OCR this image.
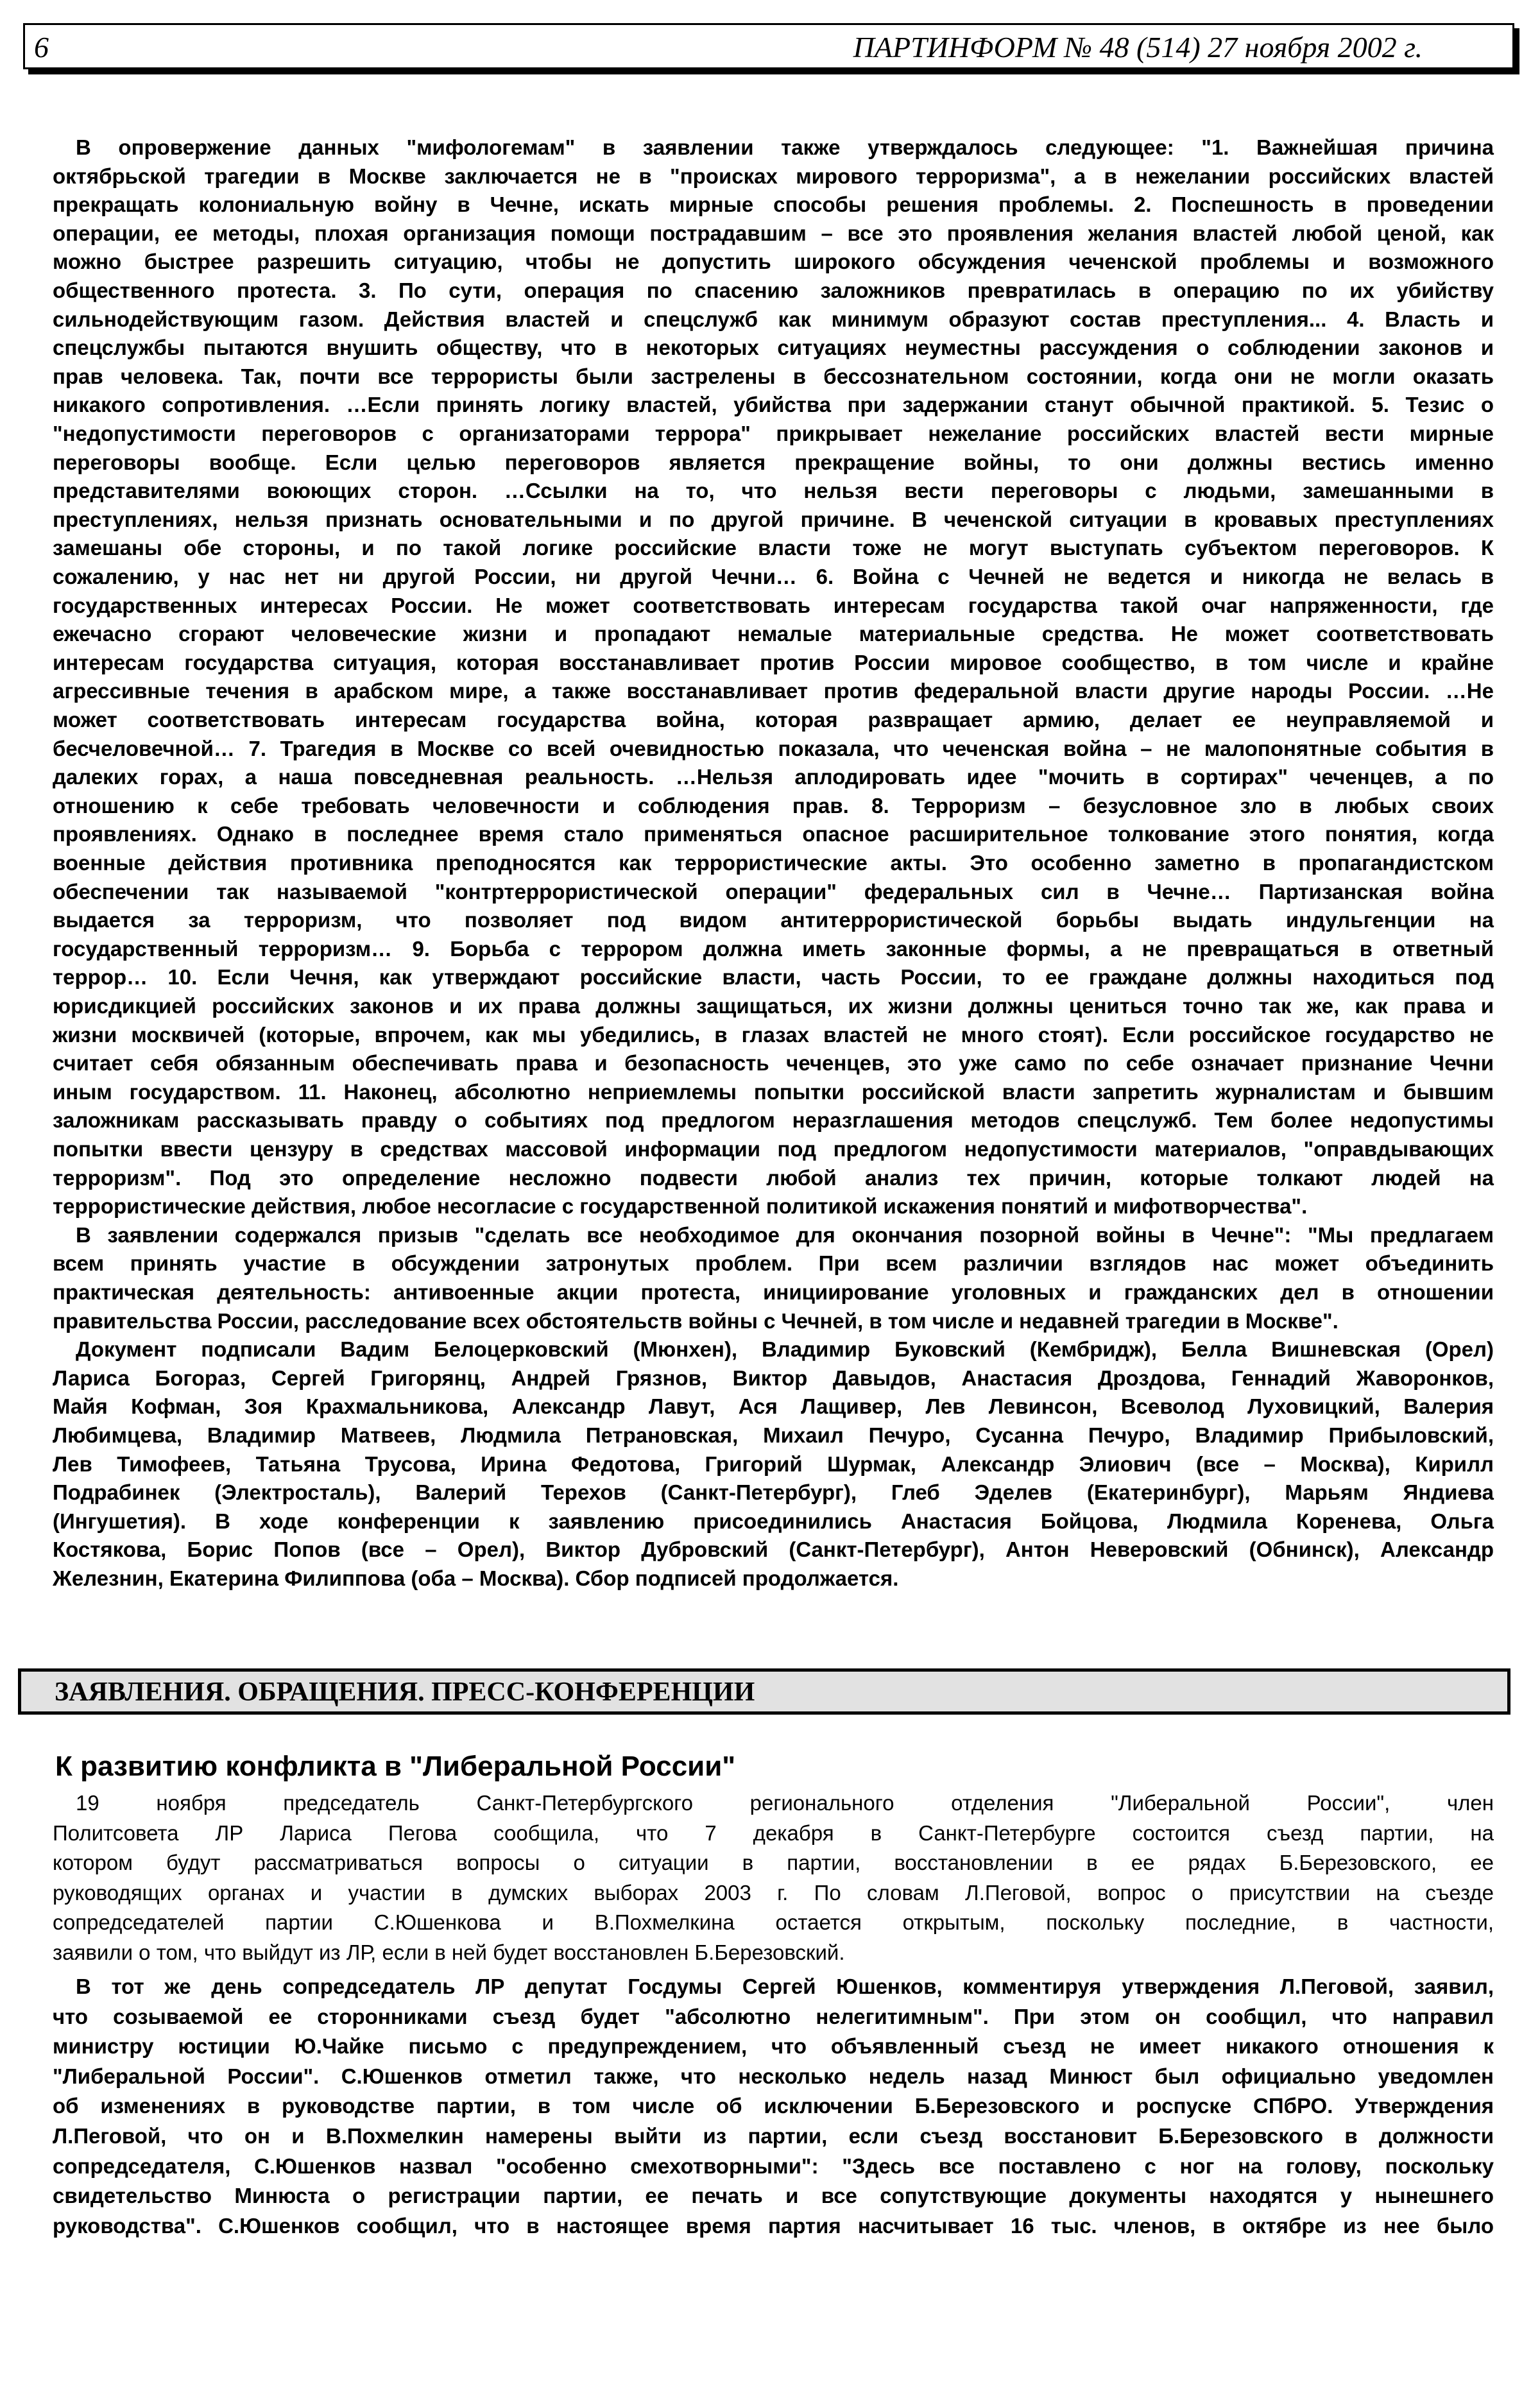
6	ПАРТИНФОРМ № 48 (514) 27 ноября 2002 г.
В опровержение данных "мифологемам" в заявлении также утверждалось следующее: "1. Важнейшая причина
октябрьской трагедии в Москве заключается не в "происках мирового терроризма", а в нежелании российских властей
прекращать колониальную войну в Чечне, искать мирные способы решения проблемы. 2. Поспешность в проведении
операции, ее методы, плохая организация помощи пострадавшим – все это проявления желания властей любой ценой, как
можно быстрее разрешить ситуацию, чтобы не допустить широкого обсуждения чеченской проблемы и возможного
общественного протеста. 3. По сути, операция по спасению заложников превратилась в операцию по их убийству
сильнодействующим газом. Действия властей и спецслужб как минимум образуют состав преступления... 4. Власть и
спецслужбы пытаются внушить обществу, что в некоторых ситуациях неуместны рассуждения о соблюдении законов и
прав человека. Так, почти все террористы были застрелены в бессознательном состоянии, когда они не могли оказать
никакого сопротивления. …Если принять логику властей, убийства при задержании станут обычной практикой. 5. Тезис о
"недопустимости переговоров с организаторами террора" прикрывает нежелание российских властей вести мирные
переговоры вообще. Если целью переговоров является прекращение войны, то они должны вестись именно
представителями воюющих сторон. …Ссылки на то, что нельзя вести переговоры с людьми, замешанными в
преступлениях, нельзя признать основательными и по другой причине. В чеченской ситуации в кровавых преступлениях
замешаны обе стороны, и по такой логике российские власти тоже не могут выступать субъектом переговоров. К
сожалению, у нас нет ни другой России, ни другой Чечни… 6. Война с Чечней не ведется и никогда не велась в
государственных интересах России. Не может соответствовать интересам государства такой очаг напряженности, где
ежечасно сгорают человеческие жизни и пропадают немалые материальные средства. Не может соответствовать
интересам государства ситуация, которая восстанавливает против России мировое сообщество, в том числе и крайне
агрессивные течения в арабском мире, а также восстанавливает против федеральной власти другие народы России. …Не
может соответствовать интересам государства война, которая развращает армию, делает ее неуправляемой и
бесчеловечной… 7. Трагедия в Москве со всей очевидностью показала, что чеченская война – не малопонятные события в
далеких горах, а наша повседневная реальность. …Нельзя аплодировать идее "мочить в сортирах" чеченцев, а по
отношению к себе требовать человечности и соблюдения прав. 8. Терроризм – безусловное зло в любых своих
проявлениях. Однако в последнее время стало применяться опасное расширительное толкование этого понятия, когда
военные действия противника преподносятся как террористические акты. Это особенно заметно в пропагандистском
обеспечении так называемой "контртеррористической операции" федеральных сил в Чечне… Партизанская война
выдается за терроризм, что позволяет под видом антитеррористической борьбы выдать индульгенции на
государственный терроризм… 9. Борьба с террором должна иметь законные формы, а не превращаться в ответный
террор… 10. Если Чечня, как утверждают российские власти, часть России, то ее граждане должны находиться под
юрисдикцией российских законов и их права должны защищаться, их жизни должны цениться точно так же, как права и
жизни москвичей (которые, впрочем, как мы убедились, в глазах властей не много стоят). Если российское государство не
считает себя обязанным обеспечивать права и безопасность чеченцев, это уже само по себе означает признание Чечни
иным государством. 11. Наконец, абсолютно неприемлемы попытки российской власти запретить журналистам и бывшим
заложникам рассказывать правду о событиях под предлогом неразглашения методов спецслужб. Тем более недопустимы
попытки ввести цензуру в средствах массовой информации под предлогом недопустимости материалов, "оправдывающих
терроризм". Под это определение несложно подвести любой анализ тех причин, которые толкают людей на
террористические действия, любое несогласие с государственной политикой искажения понятий и мифотворчества".
В заявлении содержался призыв "сделать все необходимое для окончания позорной войны в Чечне": "Мы предлагаем
всем принять участие в обсуждении затронутых проблем. При всем различии взглядов нас может объединить
практическая деятельность: антивоенные акции протеста, инициирование уголовных и гражданских дел в отношении
правительства России, расследование всех обстоятельств войны с Чечней, в том числе и недавней трагедии в Москве".
Документ подписали Вадим Белоцерковский (Мюнхен), Владимир Буковский (Кембридж), Белла Вишневская (Орел)
Лариса Богораз, Сергей Григорянц, Андрей Грязнов, Виктор Давыдов, Анастасия Дроздова, Геннадий Жаворонков,
Майя Кофман, Зоя Крахмальникова, Александр Лавут, Ася Лащивер, Лев Левинсон, Всеволод Луховицкий, Валерия
Любимцева, Владимир Матвеев, Людмила Петрановская, Михаил Печуро, Сусанна Печуро, Владимир Прибыловский,
Лев Тимофеев, Татьяна Трусова, Ирина Федотова, Григорий Шурмак, Александр Элиович (все – Москва), Кирилл
Подрабинек (Электросталь), Валерий Терехов (Санкт-Петербург), Глеб Эделев (Екатеринбург), Марьям Яндиева
(Ингушетия). В ходе конференции к заявлению присоединились Анастасия Бойцова, Людмила Коренева, Ольга
Костякова, Борис Попов (все – Орел), Виктор Дубровский (Санкт-Петербург), Антон Неверовский (Обнинск), Александр
Железнин, Екатерина Филиппова (оба – Москва). Сбор подписей продолжается.
ЗАЯВЛЕНИЯ. ОБРАЩЕНИЯ. ПРЕСС-КОНФЕРЕНЦИИ
К развитию конфликта в "Либеральной России"
19 ноября председатель Санкт-Петербургского регионального отделения "Либеральной России", член
Политсовета ЛР Лариса Пегова сообщила, что 7 декабря в Санкт-Петербурге состоится съезд партии, на
котором будут рассматриваться вопросы о ситуации в партии, восстановлении в ее рядах Б.Березовского, ее
руководящих органах и участии в думских выборах 2003 г. По словам Л.Пеговой, вопрос о присутствии на съезде
сопредседателей партии С.Юшенкова и В.Похмелкина остается открытым, поскольку последние, в частности,
заявили о том, что выйдут из ЛР, если в ней будет восстановлен Б.Березовский.
В тот же день сопредседатель ЛР депутат Госдумы Сергей Юшенков, комментируя утверждения Л.Пеговой, заявил,
что созываемой ее сторонниками съезд будет "абсолютно нелегитимным". При этом он сообщил, что направил
министру юстиции Ю.Чайке письмо с предупреждением, что объявленный съезд не имеет никакого отношения к
"Либеральной России". С.Юшенков отметил также, что несколько недель назад Минюст был официально уведомлен
об изменениях в руководстве партии, в том числе об исключении Б.Березовского и роспуске СПбРО. Утверждения
Л.Пеговой, что он и В.Похмелкин намерены выйти из партии, если съезд восстановит Б.Березовского в должности
сопредседателя, С.Юшенков назвал "особенно смехотворными": "Здесь все поставлено с ног на голову, поскольку
свидетельство Минюста о регистрации партии, ее печать и все сопутствующие документы находятся у нынешнего
руководства". С.Юшенков сообщил, что в настоящее время партия насчитывает 16 тыс. членов, в октябре из нее было
